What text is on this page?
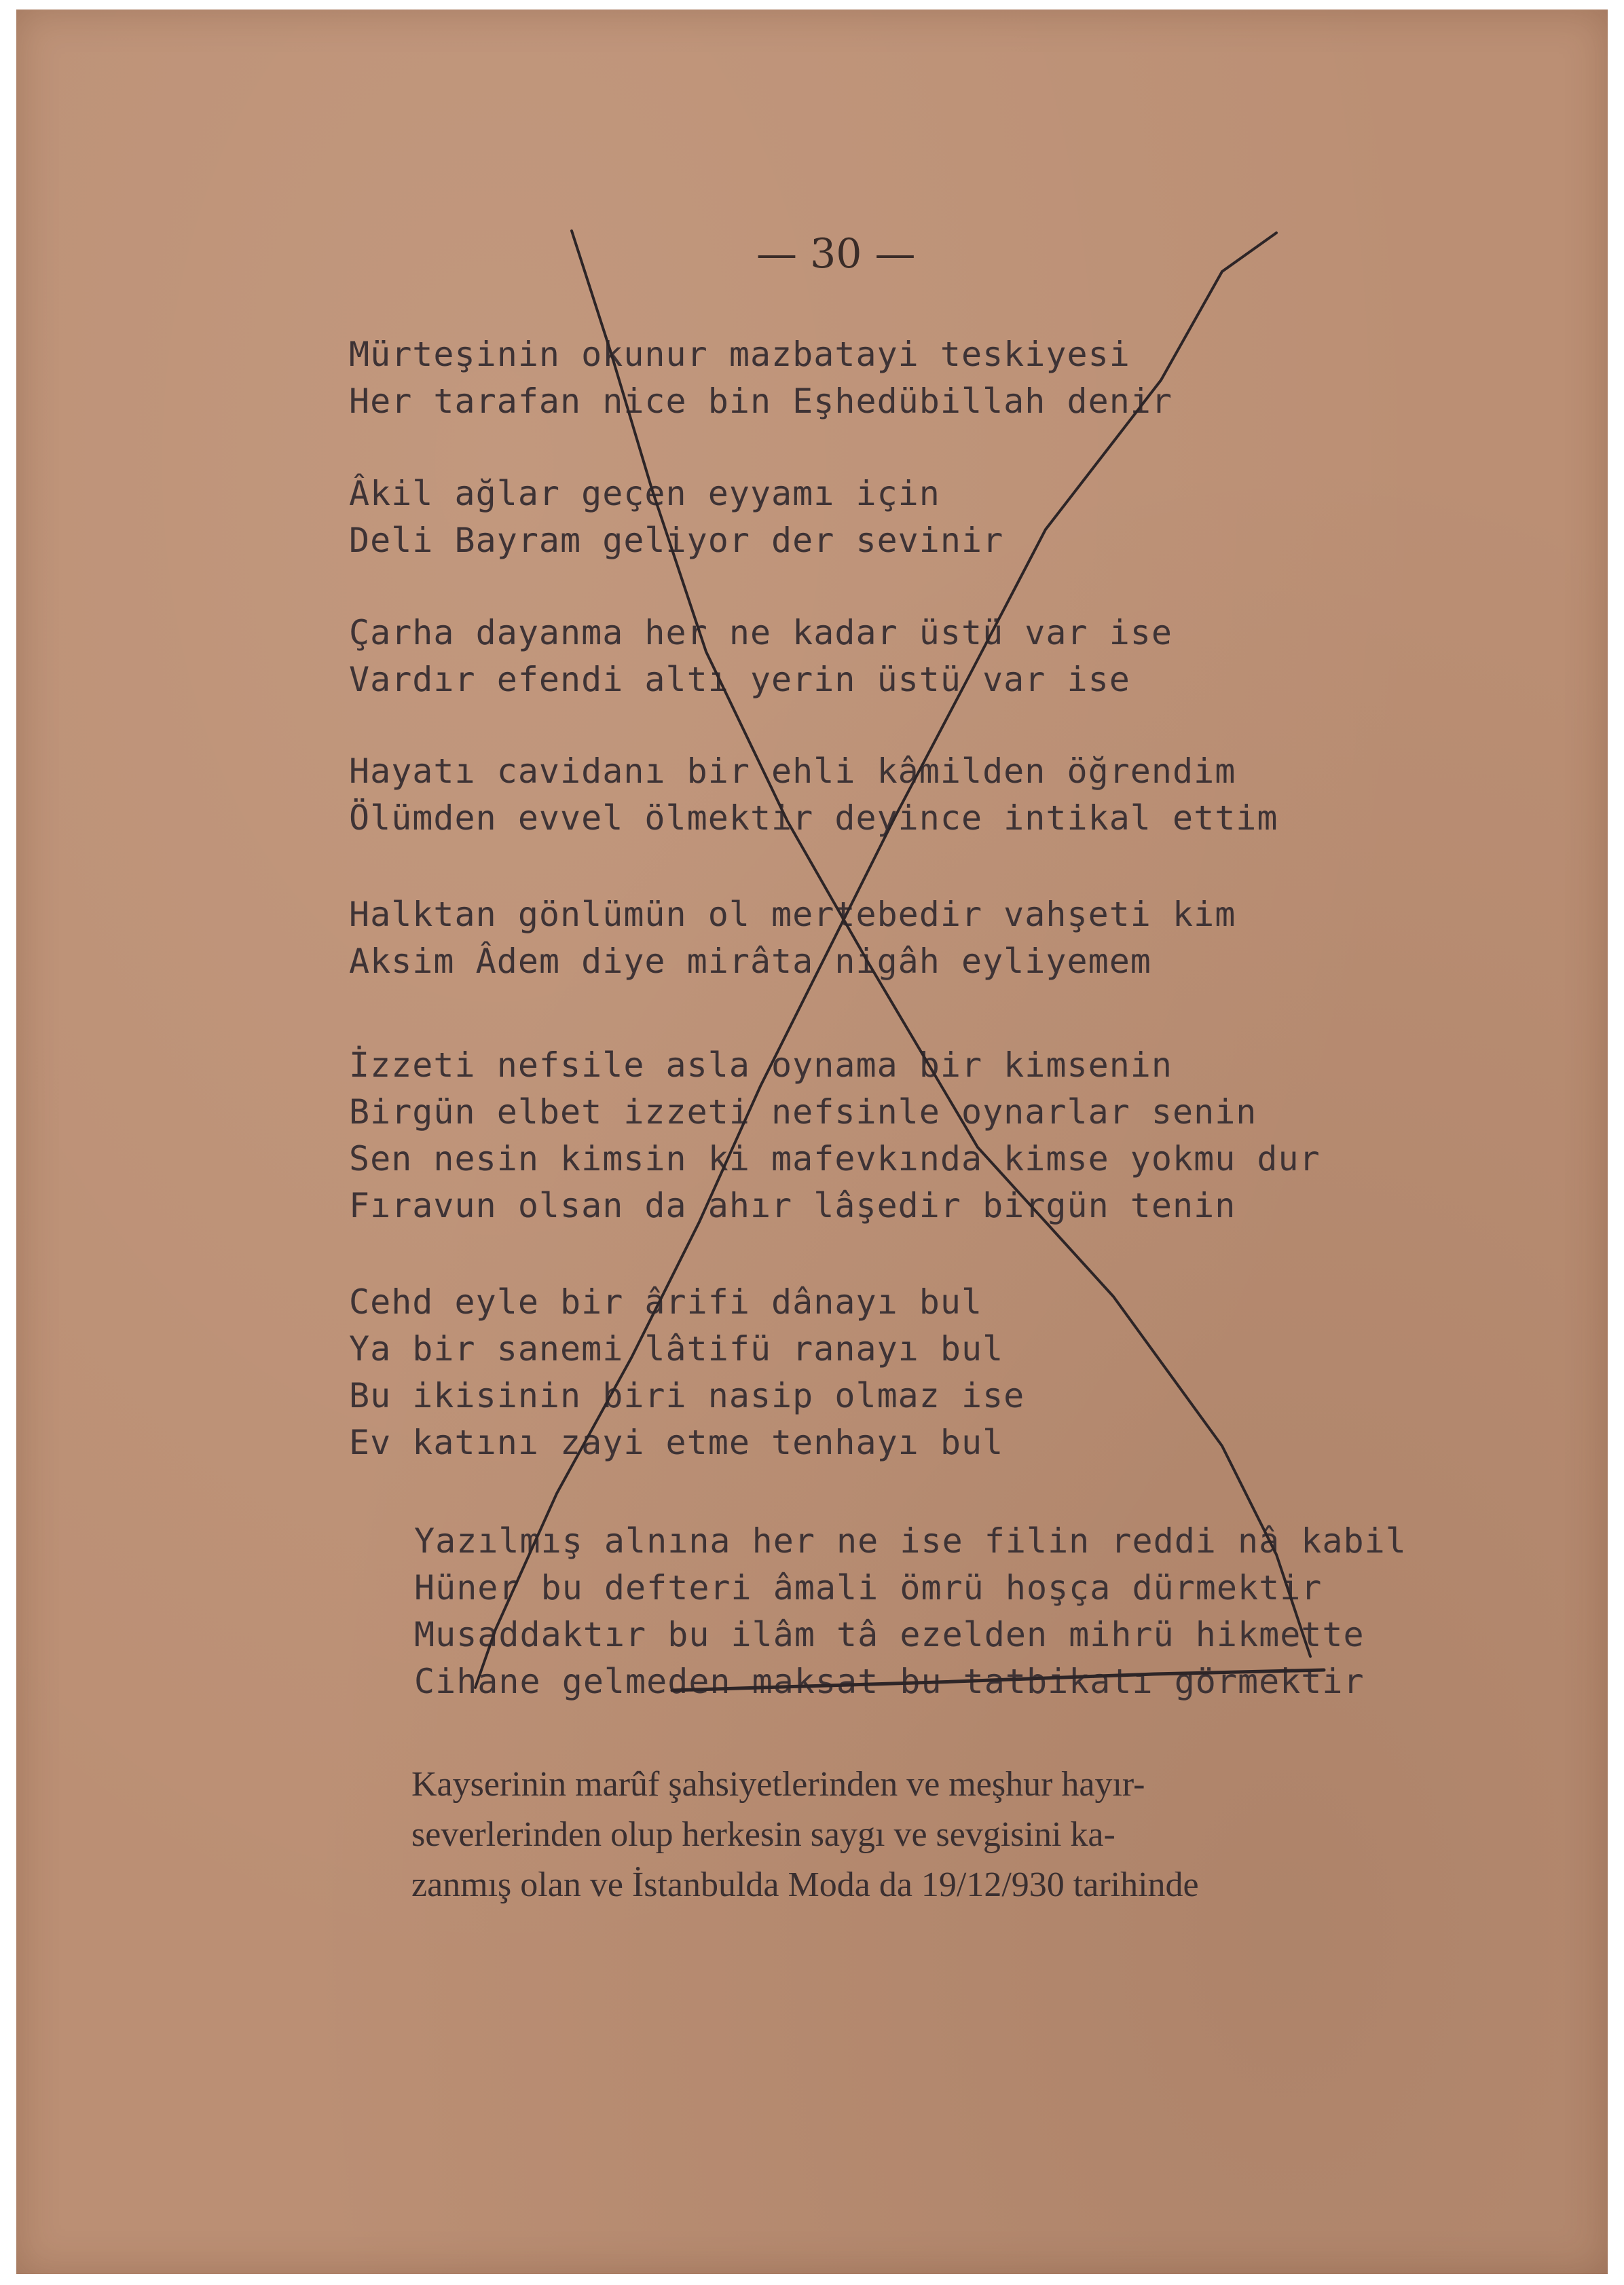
— 30 —
Mürteşinin okunur mazbatayi teskiyesi
Her tarafan nice bin Eşhedübillah denir
Âkil ağlar geçen eyyamı için
Deli Bayram geliyor der sevinir
Çarha dayanma her ne kadar üstü var ise
Vardır efendi altı yerin üstü var ise
Hayatı cavidanı bir ehli kâmilden öğrendim
Ölümden evvel ölmektir deyince intikal ettim
Halktan gönlümün ol mertebedir vahşeti kim
Aksim Âdem diye mirâta nigâh eyliyemem
İzzeti nefsile asla oynama bir kimsenin
Birgün elbet izzeti nefsinle oynarlar senin
Sen nesin kimsin ki mafevkında kimse yokmu dur
Fıravun olsan da ahır lâşedir birgün tenin
Cehd eyle bir ârifi dânayı bul
Ya bir sanemi lâtifü ranayı bul
Bu ikisinin biri nasip olmaz ise
Ev katını zayi etme tenhayı bul
Yazılmış alnına her ne ise filin reddi nâ kabil
Hüner bu defteri âmali ömrü hoşça dürmektir
Musaddaktır bu ilâm tâ ezelden mihrü hikmette
Cihane gelmeden maksat bu tatbikatı görmektir
Kayserinin marûf şahsiyetlerinden ve meşhur hayır-
severlerinden olup herkesin saygı ve sevgisini ka-
zanmış olan ve İstanbulda Moda da 19/12/930 tarihinde
